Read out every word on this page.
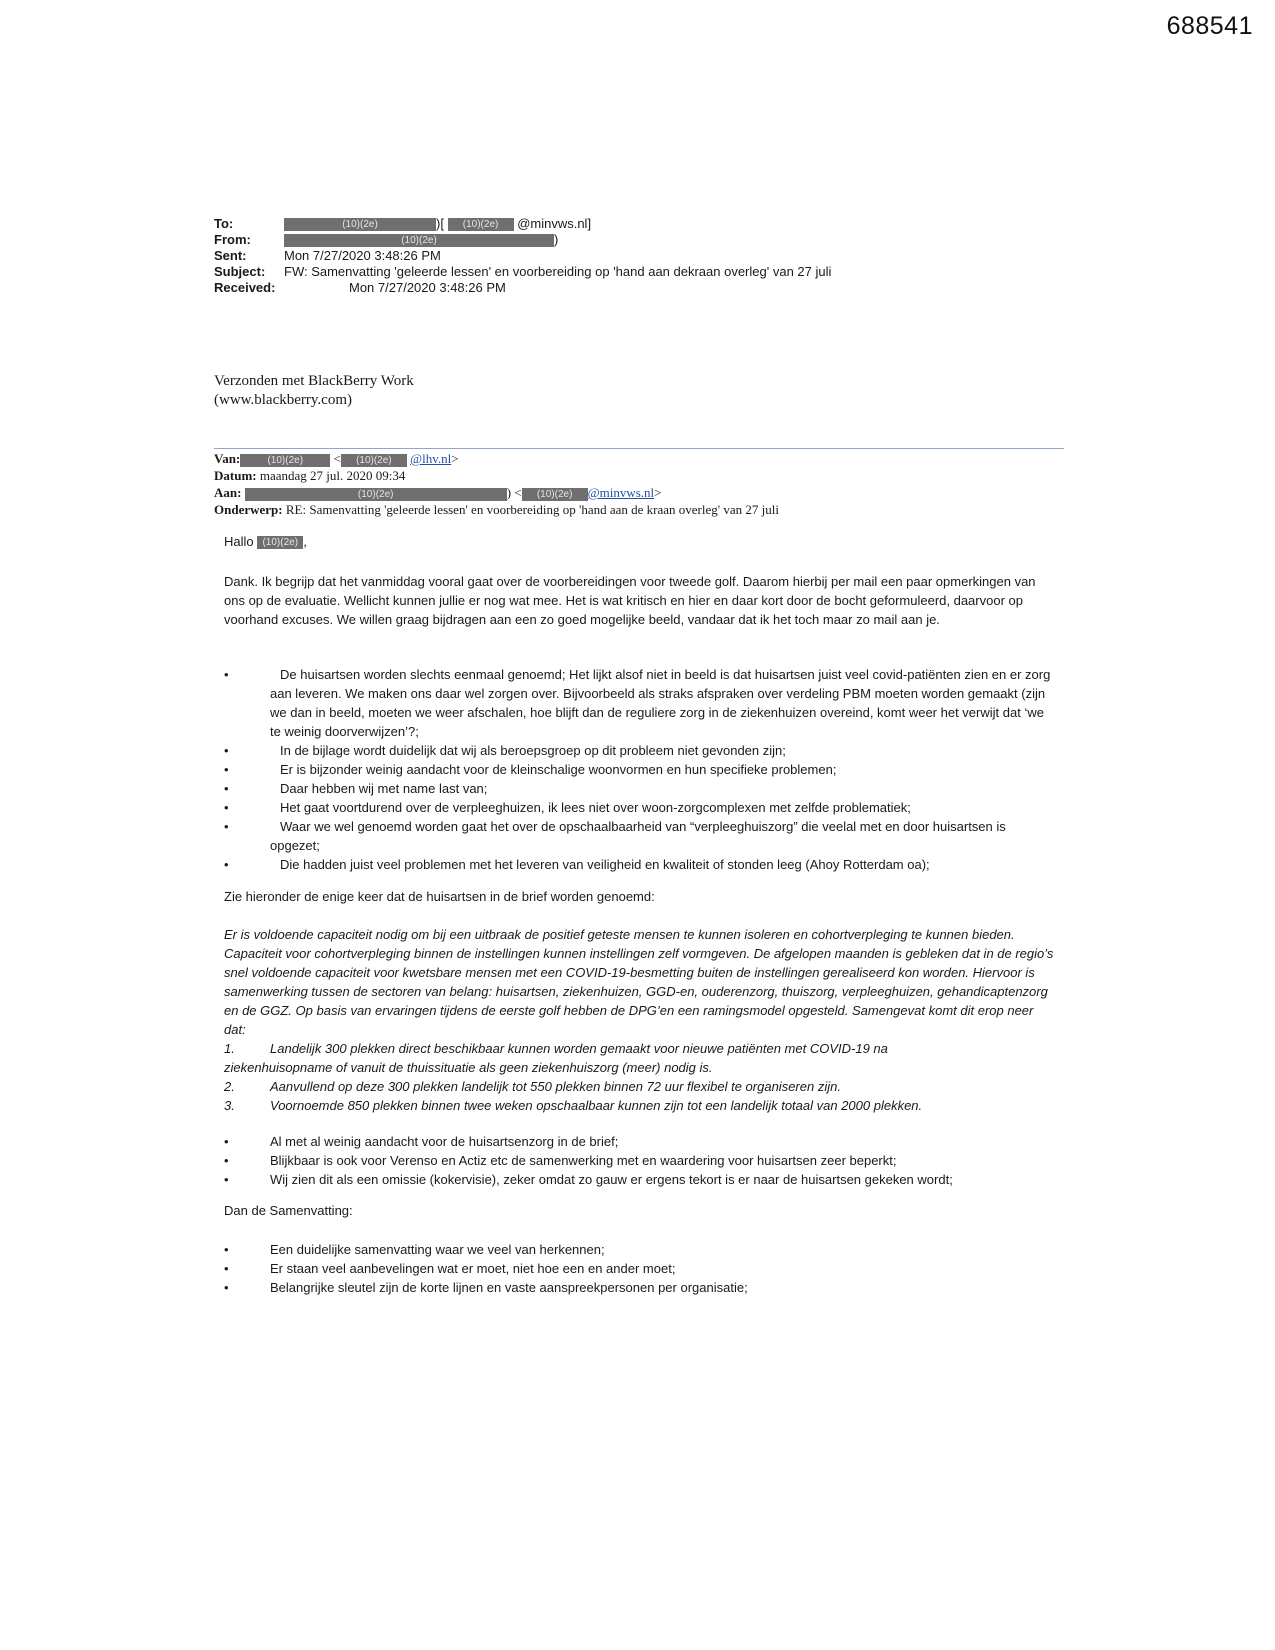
688541
To:	(10)(2e)	)[ (10)(2e) @minvws.nl]
From:	(10)(2e)	)
Sent:	Mon 7/27/2020 3:48:26 PM
Subject:	FW: Samenvatting 'geleerde lessen' en voorbereiding op 'hand aan dekraan overleg' van 27 juli
Received:	Mon 7/27/2020 3:48:26 PM
Verzonden met BlackBerry Work
(www.blackberry.com)
Van:	(10)(2e) < (10)(2e) @lhv.nl>
Datum: maandag 27 jul. 2020 09:34
Aan:	(10)(2e)	) < (10)(2e) @minvws.nl>
Onderwerp: RE: Samenvatting 'geleerde lessen' en voorbereiding op 'hand aan de kraan overleg' van 27 juli
Hallo (10)(2e) ,

Dank. Ik begrijp dat het vanmiddag vooral gaat over de voorbereidingen voor tweede golf. Daarom hierbij per mail een paar opmerkingen van ons op de evaluatie. Wellicht kunnen jullie er nog wat mee. Het is wat kritisch en hier en daar kort door de bocht geformuleerd, daarvoor op voorhand excuses. We willen graag bijdragen aan een zo goed mogelijke beeld, vandaar dat ik het toch maar zo mail aan je.

•	De huisartsen worden slechts eenmaal genoemd; Het lijkt alsof niet in beeld is dat huisartsen juist veel covid-patiënten zien en er zorg aan leveren. We maken ons daar wel zorgen over. Bijvoorbeeld als straks afspraken over verdeling PBM moeten worden gemaakt (zijn we dan in beeld, moeten we weer afschalen, hoe blijft dan de reguliere zorg in de ziekenhuizen overeind, komt weer het verwijt dat ‘we te weinig doorverwijzen’?;
•	In de bijlage wordt duidelijk dat wij als beroepsgroep op dit probleem niet gevonden zijn;
•	Er is bijzonder weinig aandacht voor de kleinschalige woonvormen en hun specifieke problemen;
•	Daar hebben wij met name last van;
•	Het gaat voortdurend over de verpleeghuizen, ik lees niet over woon-zorgcomplexen met zelfde problematiek;
•	Waar we wel genoemd worden gaat het over de opschaalbaarheid van “verpleeghuiszorg” die veelal met en door huisartsen is opgezet;
•	Die hadden juist veel problemen met het leveren van veiligheid en kwaliteit of stonden leeg (Ahoy Rotterdam oa);
Zie hieronder de enige keer dat de huisartsen in de brief worden genoemd:

Er is voldoende capaciteit nodig om bij een uitbraak de positief geteste mensen te kunnen isoleren en cohortverpleging te kunnen bieden. Capaciteit voor cohortverpleging binnen de instellingen kunnen instellingen zelf vormgeven. De afgelopen maanden is gebleken dat in de regio’s snel voldoende capaciteit voor kwetsbare mensen met een COVID-19-besmetting buiten de instellingen gerealiseerd kon worden. Hiervoor is samenwerking tussen de sectoren van belang: huisartsen, ziekenhuizen, GGD-en, ouderenzorg, thuiszorg, verpleeghuizen, gehandicaptenzorg en de GGZ. Op basis van ervaringen tijdens de eerste golf hebben de DPG’en een ramingsmodel opgesteld. Samengevat komt dit erop neer dat:

1.	Landelijk 300 plekken direct beschikbaar kunnen worden gemaakt voor nieuwe patiënten met COVID-19 na
ziekenhuisopname of vanuit de thuissituatie als geen ziekenhuiszorg (meer) nodig is.
2.	Aanvullend op deze 300 plekken landelijk tot 550 plekken binnen 72 uur flexibel te organiseren zijn.
3.	Voornoemde 850 plekken binnen twee weken opschaalbaar kunnen zijn tot een landelijk totaal van 2000 plekken.
•	Al met al weinig aandacht voor de huisartsenzorg in de brief;
•	Blijkbaar is ook voor Verenso en Actiz etc de samenwerking met en waardering voor huisartsen zeer beperkt;
•	Wij zien dit als een omissie (kokervisie), zeker omdat zo gauw er ergens tekort is er naar de huisartsen gekeken wordt;
Dan de Samenvatting:
•	Een duidelijke samenvatting waar we veel van herkennen;
•	Er staan veel aanbevelingen wat er moet, niet hoe een en ander moet;
•	Belangrijke sleutel zijn de korte lijnen en vaste aanspreekpersonen per organisatie;
